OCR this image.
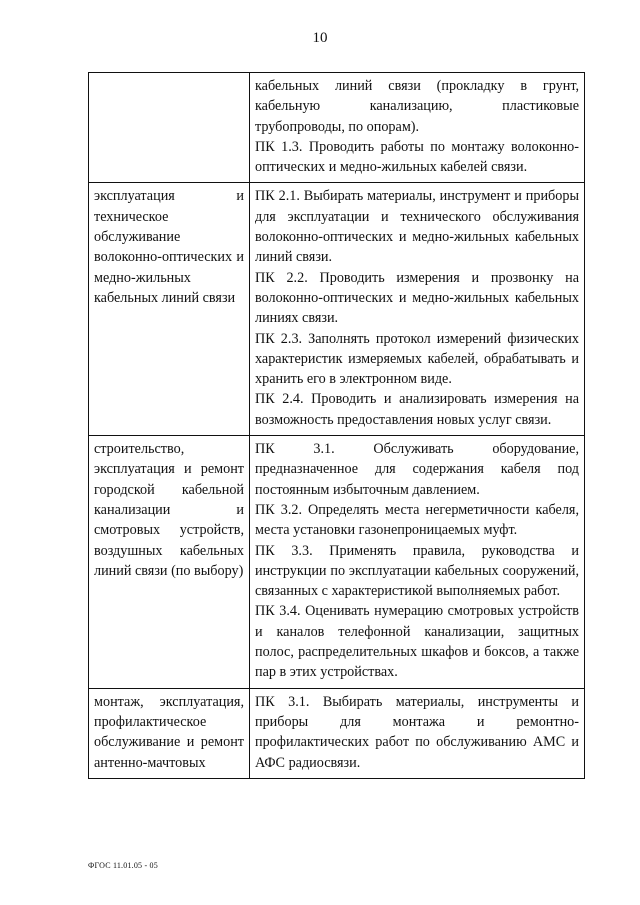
10

	кабельных линий связи (прокладку в грунт, кабельную канализацию, пластиковые трубопроводы, по опорам).

ПК 1.3. Проводить работы по монтажу волоконно-оптических и медно-жильных кабелей связи.

эксплуатация и техническое обслуживание волоконно-оптических и медно-жильных кабельных линий связи	ПК 2.1. Выбирать материалы, инструмент и приборы для эксплуатации и технического обслуживания волоконно-оптических и медно-жильных кабельных линий связи.

ПК 2.2. Проводить измерения и прозвонку на волоконно-оптических и медно-жильных кабельных линиях связи.

ПК 2.3. Заполнять протокол измерений физических характеристик измеряемых кабелей, обрабатывать и хранить его в электронном виде.

ПК 2.4. Проводить и анализировать измерения на возможность предоставления новых услуг связи.

строительство, эксплуатация и ремонт городской кабельной канализации и смотровых устройств, воздушных кабельных линий связи (по выбору)	ПК 3.1. Обслуживать оборудование, предназначенное для содержания кабеля под постоянным избыточным давлением.

ПК 3.2. Определять места негерметичности кабеля, места установки газонепроницаемых муфт.

ПК 3.3. Применять правила, руководства и инструкции по эксплуатации кабельных сооружений, связанных с характеристикой выполняемых работ.

ПК 3.4. Оценивать нумерацию смотровых устройств и каналов телефонной канализации, защитных полос, распределительных шкафов и боксов, а также пар в этих устройствах.

монтаж, эксплуатация, профилактическое обслуживание и ремонт антенно-мачтовых	ПК 3.1. Выбирать материалы, инструменты и приборы для монтажа и ремонтно-профилактических работ по обслуживанию АМС и АФС радиосвязи.

ФГОС 11.01.05 - 05
